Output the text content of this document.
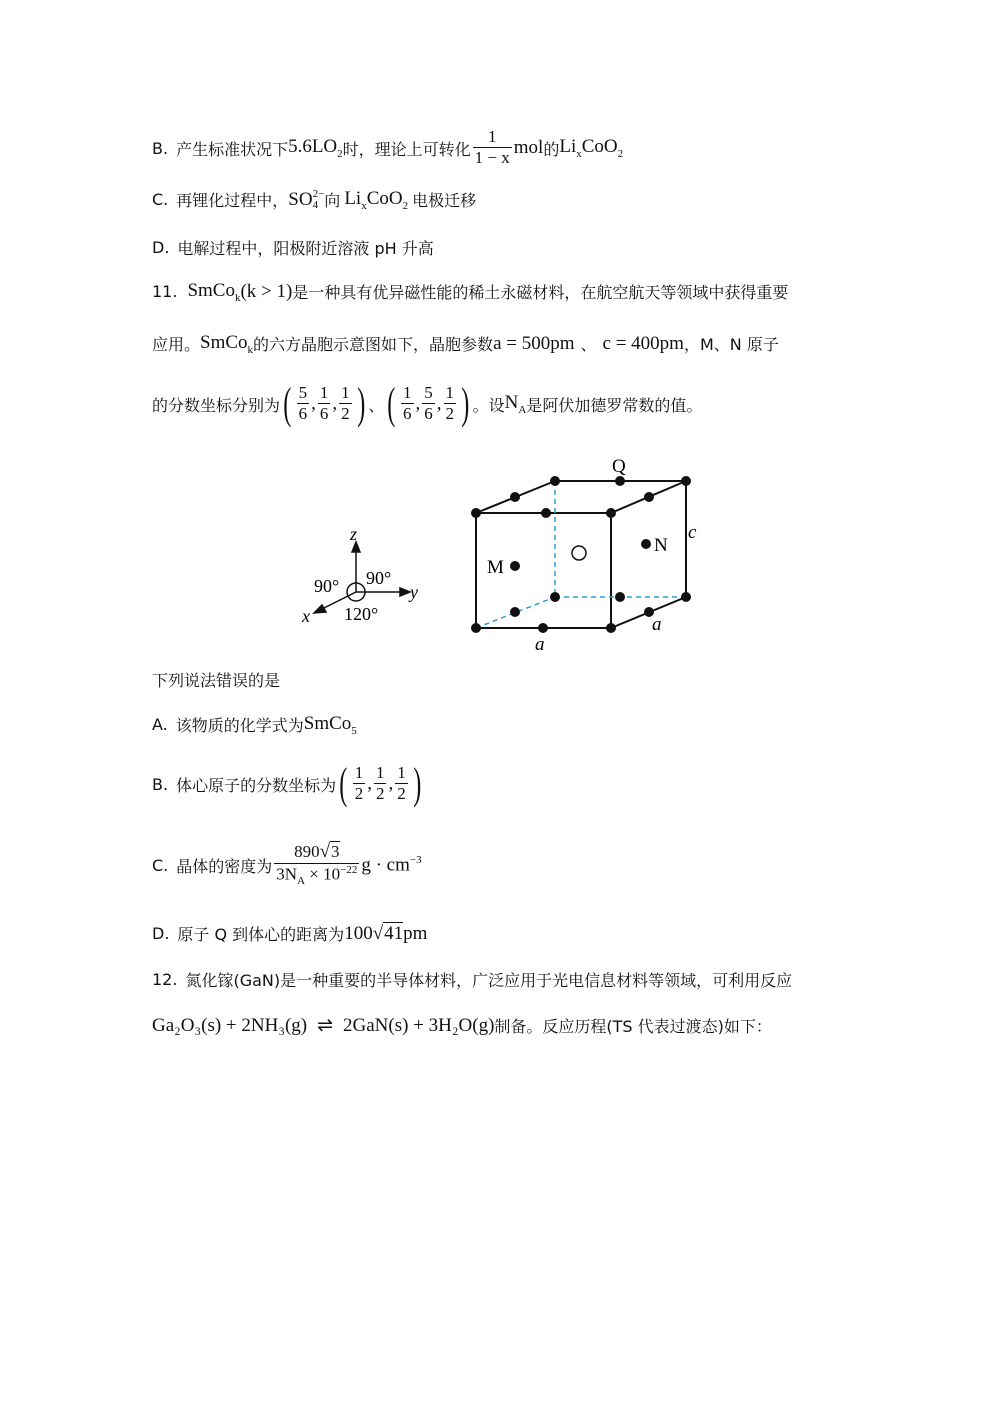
B. 产生标准状况下 $5.6LO_2$ 时，理论上可转化 $\frac{1}{1 - x}$ mol 的 $Li_xCoO_2$
C. 再锂化过程中， SO 2−
4 向 $Li_xCoO_2$ 电极迁移
D. 电解过程中，阳极附近溶液 pH 升高
11. SmCo$_k$ (k > 1) 是一种具有优异磁性能的稀土永磁材料，在航空航天等领域中获得重要
应用。 SmCo$_k$ 的六方晶胞示意图如下，晶胞参数 a = 500pm 、 c = 400pm ，M、N 原子
的分数坐标分别为 ( $\frac{5}{6}$ , $\frac{1}{6}$ , $\frac{1}{2}$ ) 、 ( $\frac{1}{6}$ , $\frac{5}{6}$ , $\frac{1}{2}$ ) 。设 $N_A$ 是阿伏加德罗常数的值。
z
y
x
90° 90°
120°
Q
M
N
c
a
a
下列说法错误的是
A. 该物质的化学式为 SmCo$_5$
B. 体心原子的分数坐标为 ( $\frac{1}{2}$ , $\frac{1}{2}$ , $\frac{1}{2}$ )
C. 晶体的密度为 $\frac{890√3}{3N_A \times 10^{-22}}$ $g \cdot cm^{-3}$
D. 原子 Q 到体心的距离为 100√41pm
12. 氮化镓(GaN)是一种重要的半导体材料，广泛应用于光电信息材料等领域，可利用反应
Ga₂O₃(s) + 2NH₃(g) ⇌ 2GaN(s) + 3H₂O(g) 制备。反应历程(TS 代表过渡态)如下：
